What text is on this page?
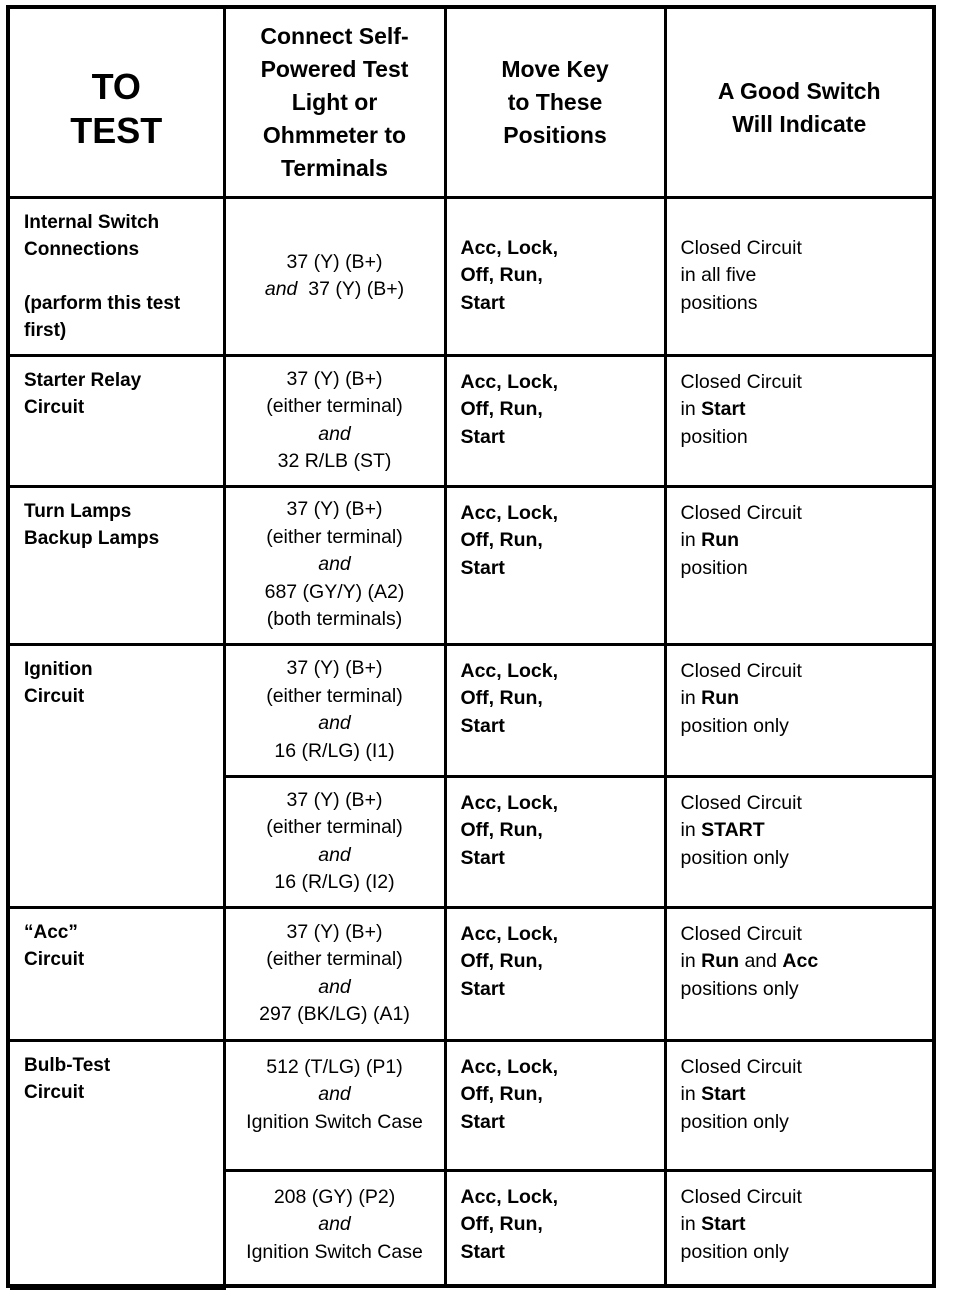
TO
TEST	Connect Self-
Powered Test
Light or
Ohmmeter to
Terminals	Move Key
to These
Positions	A Good Switch
Will Indicate

Internal Switch
Connections
(parform this test
first)	37 (Y) (B+)
and 37 (Y) (B+)	Acc, Lock,
Off, Run,
Start	Closed Circuit
in all five
positions

Starter Relay
Circuit	37 (Y) (B+)
(either terminal)
and
32 R/LB (ST)	Acc, Lock,
Off, Run,
Start	Closed Circuit
in Start
position

Turn Lamps
Backup Lamps	37 (Y) (B+)
(either terminal)
and
687 (GY/Y) (A2)
(both terminals)	Acc, Lock,
Off, Run,
Start	Closed Circuit
in Run
position

Ignition
Circuit	37 (Y) (B+)
(either terminal)
and
16 (R/LG) (I1)	Acc, Lock,
Off, Run,
Start	Closed Circuit
in Run
position only

	37 (Y) (B+)
(either terminal)
and
16 (R/LG) (I2)	Acc, Lock,
Off, Run,
Start	Closed Circuit
in START
position only

“Acc”
Circuit	37 (Y) (B+)
(either terminal)
and
297 (BK/LG) (A1)	Acc, Lock,
Off, Run,
Start	Closed Circuit
in Run and Acc
positions only

Bulb-Test
Circuit	512 (T/LG) (P1)
and
Ignition Switch Case	Acc, Lock,
Off, Run,
Start	Closed Circuit
in Start
position only

	208 (GY) (P2)
and
Ignition Switch Case	Acc, Lock,
Off, Run,
Start	Closed Circuit
in Start
position only
